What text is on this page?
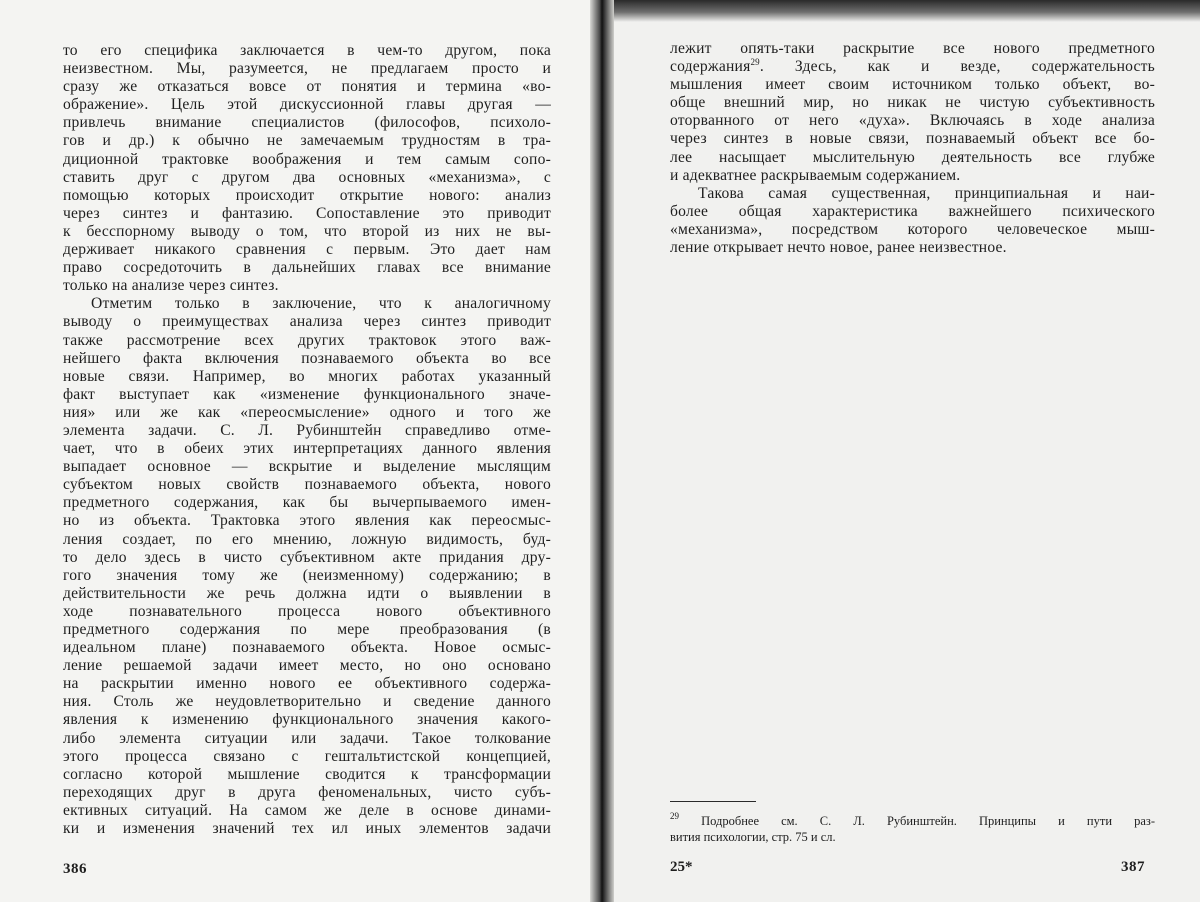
то его специфика заключается в чем-то другом, пока
неизвестном. Мы, разумеется, не предлагаем просто и
сразу же отказаться вовсе от понятия и термина «во-
ображение». Цель этой дискуссионной главы другая —
привлечь внимание специалистов (философов, психоло-
гов и др.) к обычно не замечаемым трудностям в тра-
диционной трактовке воображения и тем самым сопо-
ставить друг с другом два основных «механизма», с
помощью которых происходит открытие нового: анализ
через синтез и фантазию. Сопоставление это приводит
к бесспорному выводу о том, что второй из них не вы-
держивает никакого сравнения с первым. Это дает нам
право сосредоточить в дальнейших главах все внимание
только на анализе через синтез.
Отметим только в заключение, что к аналогичному
выводу о преимуществах анализа через синтез приводит
также рассмотрение всех других трактовок этого важ-
нейшего факта включения познаваемого объекта во все
новые связи. Например, во многих работах указанный
факт выступает как «изменение функционального значе-
ния» или же как «переосмысление» одного и того же
элемента задачи. С. Л. Рубинштейн справедливо отме-
чает, что в обеих этих интерпретациях данного явления
выпадает основное — вскрытие и выделение мыслящим
субъектом новых свойств познаваемого объекта, нового
предметного содержания, как бы вычерпываемого имен-
но из объекта. Трактовка этого явления как переосмыс-
ления создает, по его мнению, ложную видимость, буд-
то дело здесь в чисто субъективном акте придания дру-
гого значения тому же (неизменному) содержанию; в
действительности же речь должна идти о выявлении в
ходе познавательного процесса нового объективного
предметного содержания по мере преобразования (в
идеальном плане) познаваемого объекта. Новое осмыс-
ление решаемой задачи имеет место, но оно основано
на раскрытии именно нового ее объективного содержа-
ния. Столь же неудовлетворительно и сведение данного
явления к изменению функционального значения какого-
либо элемента ситуации или задачи. Такое толкование
этого процесса связано с гештальтистской концепцией,
согласно которой мышление сводится к трансформации
переходящих друг в друга феноменальных, чисто субъ-
ективных ситуаций. На самом же деле в основе динами-
ки и изменения значений тех ил иных элементов задачи
386
лежит опять-таки раскрытие все нового предметного
содержания$^{29}$. Здесь, как и везде, содержательность
мышления имеет своим источником только объект, во-
обще внешний мир, но никак не чистую субъективность
оторванного от него «духа». Включаясь в ходе анализа
через синтез в новые связи, познаваемый объект все бо-
лее насыщает мыслительную деятельность все глубже
и адекватнее раскрываемым содержанием.
Такова самая существенная, принципиальная и наи-
более общая характеристика важнейшего психического
«механизма», посредством которого человеческое мыш-
ление открывает нечто новое, ранее неизвестное.
$^{29}$ Подробнее см. С. Л. Рубинштейн. Принципы и пути раз-
вития психологии, стр. 75 и сл.
25*	387
